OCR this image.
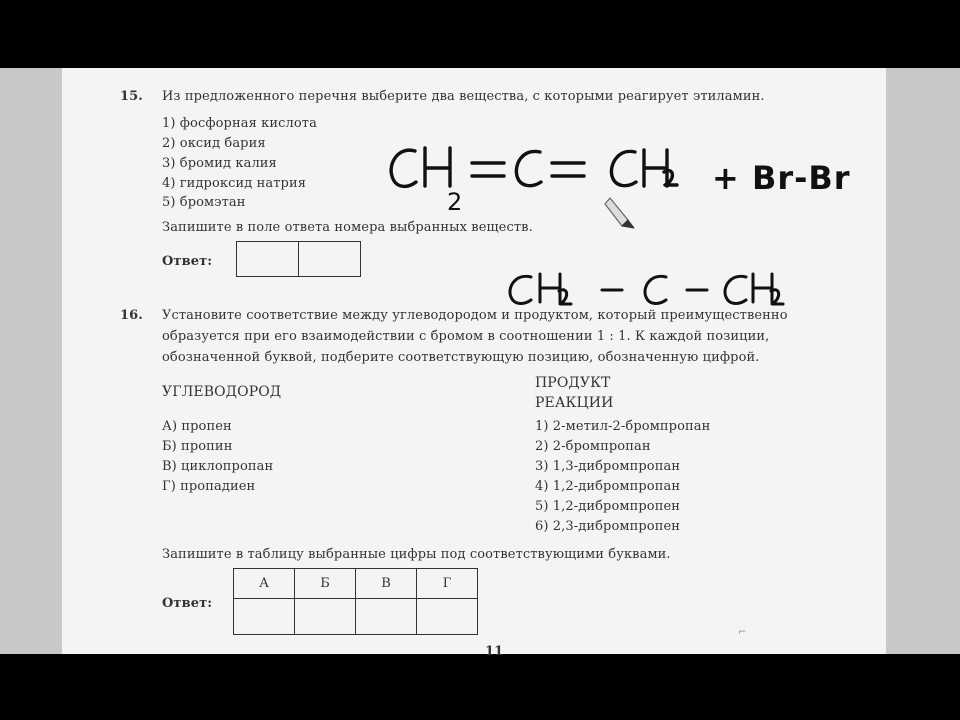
15. Из предложенного перечня выберите два вещества, с которыми реагирует этиламин.
1) фосфорная кислота
2) оксид бария
3) бромид калия
4) гидроксид натрия
5) бромэтан
Запишите в поле ответа номера выбранных веществ.
Ответ:

16. Установите соответствие между углеводородом и продуктом, который преимущественно
образуется при его взаимодействии с бромом в соотношении 1 : 1. К каждой позиции,
обозначенной буквой, подберите соответствующую позицию, обозначенную цифрой.
УГЛЕВОДОРОД
ПРОДУКТ
РЕАКЦИИ
А) пропен
Б) пропин
В) циклопропан
Г) пропадиен
1) 2-метил-2-бромпропан
2) 2-бромпропан
3) 1,3-дибромпропан
4) 1,2-дибромпропан
5) 1,2-дибромпропен
6) 2,3-дибромпропен
Запишите в таблицу выбранные цифры под соответствующими буквами.
Ответ:
А	Б	В	Г

2
+ Br-Br
⌐
11
